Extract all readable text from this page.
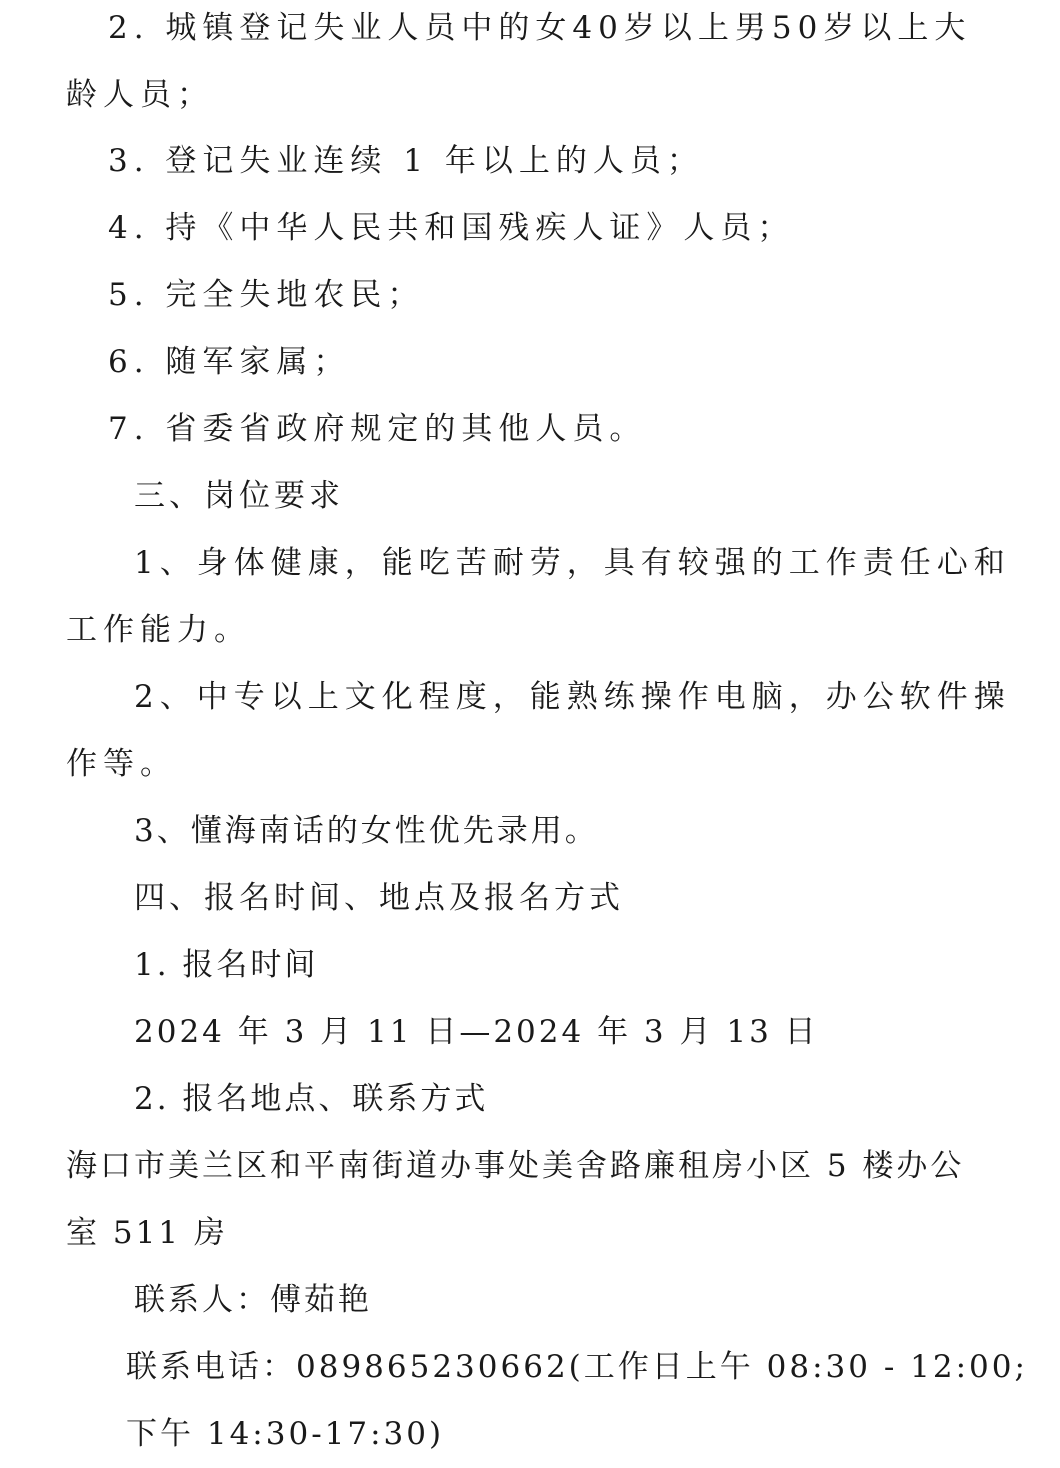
2. 城镇登记失业人员中的女40岁以上男50岁以上大
龄人员；
3. 登记失业连续 1 年以上的人员；
4. 持《中华人民共和国残疾人证》人员；
5. 完全失地农民；
6. 随军家属；
7. 省委省政府规定的其他人员。
三、岗位要求
1、身体健康，能吃苦耐劳，具有较强的工作责任心和
工作能力。
2、中专以上文化程度，能熟练操作电脑，办公软件操
作等。
3、懂海南话的女性优先录用。
四、报名时间、地点及报名方式
1. 报名时间
2024 年 3 月 11 日—2024 年 3 月 13 日
2. 报名地点、联系方式
海口市美兰区和平南街道办事处美舍路廉租房小区 5 楼办公
室 511 房
联系人：傅茹艳
联系电话：089865230662(工作日上午 08:30 - 12:00;
下午 14:30-17:30)
